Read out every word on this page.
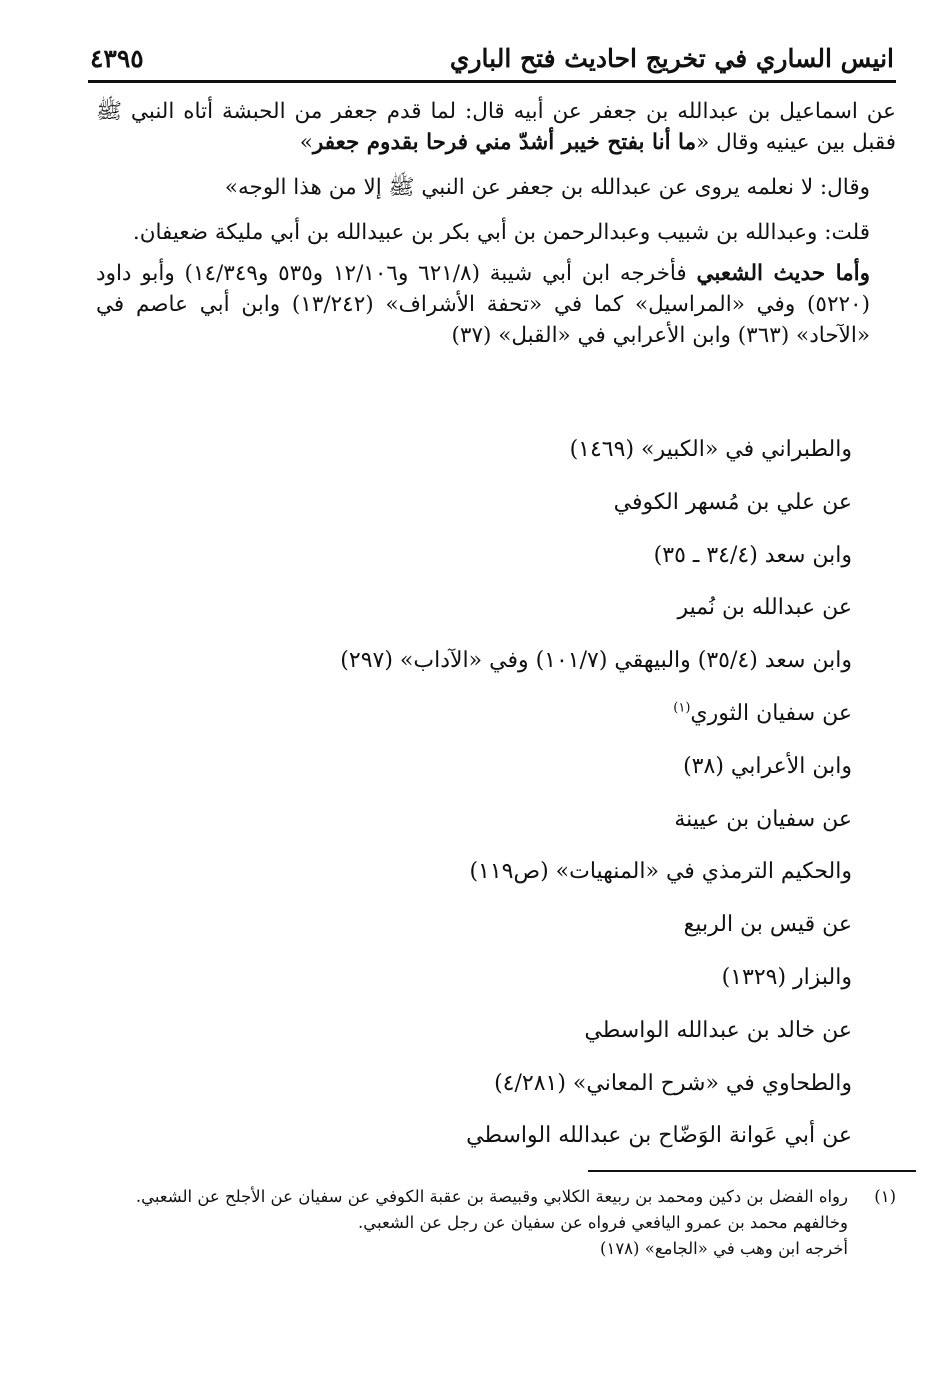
انيس الساري في تخريج احاديث فتح الباري
٤٣٩٥

عن اسماعيل بن عبدالله بن جعفر عن أبيه قال: لما قدم جعفر من الحبشة أتاه النبي ﷺ فقبل بين عينيه وقال «ما أنا بفتح خيبر أشدّ مني فرحا بقدوم جعفر»

وقال: لا نعلمه يروى عن عبدالله بن جعفر عن النبي ﷺ إلا من هذا الوجه»

قلت: وعبدالله بن شبيب وعبدالرحمن بن أبي بكر بن عبيدالله بن أبي مليكة ضعيفان.

وأما حديث الشعبي فأخرجه ابن أبي شيبة (٦٢١/٨ و١٢/١٠٦ و٥٣٥ و١٤/٣٤٩) وأبو داود (٥٢٢٠) وفي «المراسيل» كما في «تحفة الأشراف» (١٣/٢٤٢) وابن أبي عاصم في «الآحاد» (٣٦٣) وابن الأعرابي في «القبل» (٣٧)

والطبراني في «الكبير» (١٤٦٩)
عن علي بن مُسهر الكوفي
وابن سعد (٣٤/٤ ـ ٣٥)
عن عبدالله بن نُمير
وابن سعد (٣٥/٤) والبيهقي (١٠١/٧) وفي «الآداب» (٢٩٧)
عن سفيان الثوري$^{(١)}$
وابن الأعرابي (٣٨)
عن سفيان بن عيينة
والحكيم الترمذي في «المنهيات» (ص١١٩)
عن قيس بن الربيع
والبزار (١٣٢٩)
عن خالد بن عبدالله الواسطي
والطحاوي في «شرح المعاني» (٤/٢٨١)
عن أبي عَوانة الوَضّاح بن عبدالله الواسطي
(١)

رواه الفضل بن دكين ومحمد بن ربيعة الكلابي وقبيصة بن عقبة الكوفي عن سفيان عن الأجلح عن الشعبي.

وخالفهم محمد بن عمرو اليافعي فرواه عن سفيان عن رجل عن الشعبي.

أخرجه ابن وهب في «الجامع» (١٧٨)
